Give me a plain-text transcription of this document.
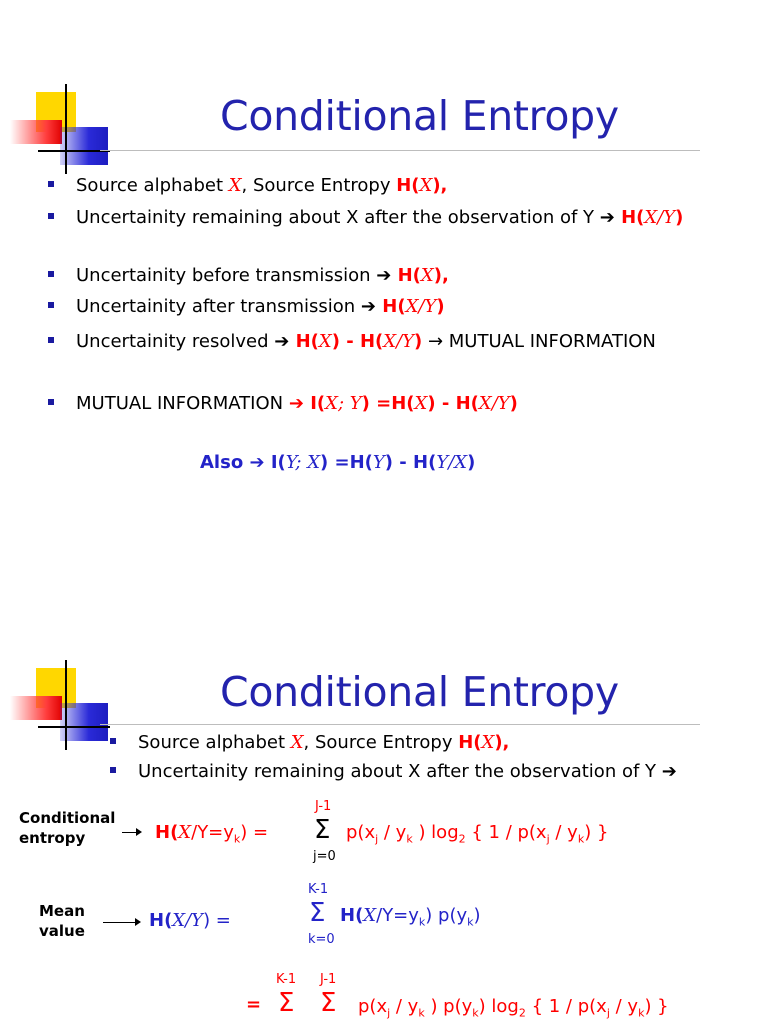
Conditional Entropy
Source alphabet X, Source Entropy H(X),
Uncertainity remaining about X after the observation of Y ➔ H(X/Y)
Uncertainity before transmission ➔ H(X),
Uncertainity after transmission ➔ H(X/Y)
Uncertainity resolved ➔ H(X) - H(X/Y) → MUTUAL INFORMATION
MUTUAL INFORMATION ➔ I(X; Y) =H(X) - H(X/Y)
Also ➔ I(Y; X) =H(Y) - H(Y/X)
Conditional Entropy
Source alphabet X, Source Entropy H(X),
Uncertainity remaining about X after the observation of Y ➔
Conditional
entropy	$H(X/Y=y_k)$ =
J-1
Σ
j=0
$p(x_j / y_k$ ) $\log_2$ { $1 / p(x_j / y_k)$ }
Mean
value	H(X/Y) =
K-1
Σ
k=0
$H(X/Y=y_k)$ $p(y_k)$
=
K-1 J-1
Σ Σ $p(x_j / y_k$ ) $p(y_k)$ $\log_2$ { $1 / p(x_j / y_k)$ }
